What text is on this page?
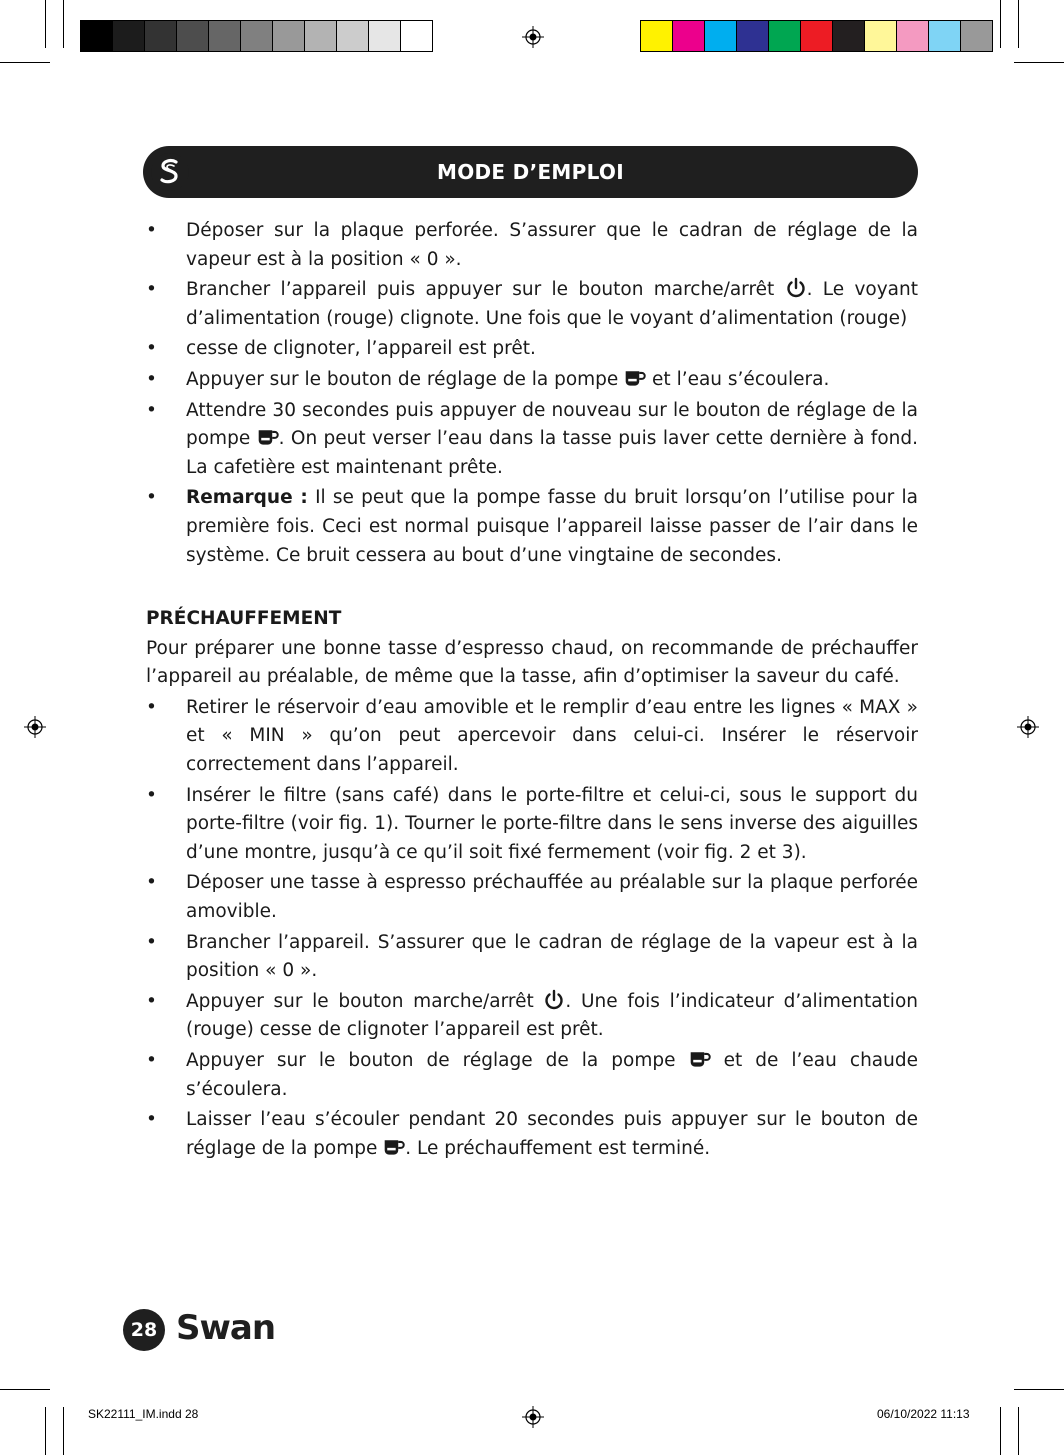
MODE D’EMPLOI
• Déposer sur la plaque perforée. S’assurer que le cadran de réglage de la vapeur est à la position « 0 ».
• Brancher l’appareil puis appuyer sur le bouton marche/arrêt
. Le voyant d’alimentation (rouge) clignote. Une fois que le voyant d’alimentation (rouge)
• cesse de clignoter, l’appareil est prêt.
• Appuyer sur le bouton de réglage de la pompe
et l’eau s’écoulera.
• Attendre 30 secondes puis appuyer de nouveau sur le bouton de réglage de la pompe
. On peut verser l’eau dans la tasse puis laver cette dernière à fond. La cafetière est maintenant prête.
• Remarque : Il se peut que la pompe fasse du bruit lorsqu’on l’utilise pour la première fois. Ceci est normal puisque l’appareil laisse passer de l’air dans le système. Ce bruit cessera au bout d’une vingtaine de secondes.
PRÉCHAUFFEMENT
Pour préparer une bonne tasse d’espresso chaud, on recommande de préchauffer l’appareil au préalable, de même que la tasse, afin d’optimiser la saveur du café.
• Retirer le réservoir d’eau amovible et le remplir d’eau entre les lignes « MAX » et « MIN » qu’on peut apercevoir dans celui-ci. Insérer le réservoir correctement dans l’appareil.
• Insérer le filtre (sans café) dans le porte-filtre et celui-ci, sous le support du porte-filtre (voir fig. 1). Tourner le porte-filtre dans le sens inverse des aiguilles d’une montre, jusqu’à ce qu’il soit fixé fermement (voir fig. 2 et 3).
• Déposer une tasse à espresso préchauffée au préalable sur la plaque perforée amovible.
• Brancher l’appareil. S’assurer que le cadran de réglage de la vapeur est à la position « 0 ».
• Appuyer sur le bouton marche/arrêt
. Une fois l’indicateur d’alimentation (rouge) cesse de clignoter l’appareil est prêt.
• Appuyer sur le bouton de réglage de la pompe
et de l’eau chaude s’écoulera.
• Laisser l’eau s’écouler pendant 20 secondes puis appuyer sur le bouton de réglage de la pompe
. Le préchauffement est terminé.
28 Swan
SK22111_IM.indd 28	06/10/2022 11:13
